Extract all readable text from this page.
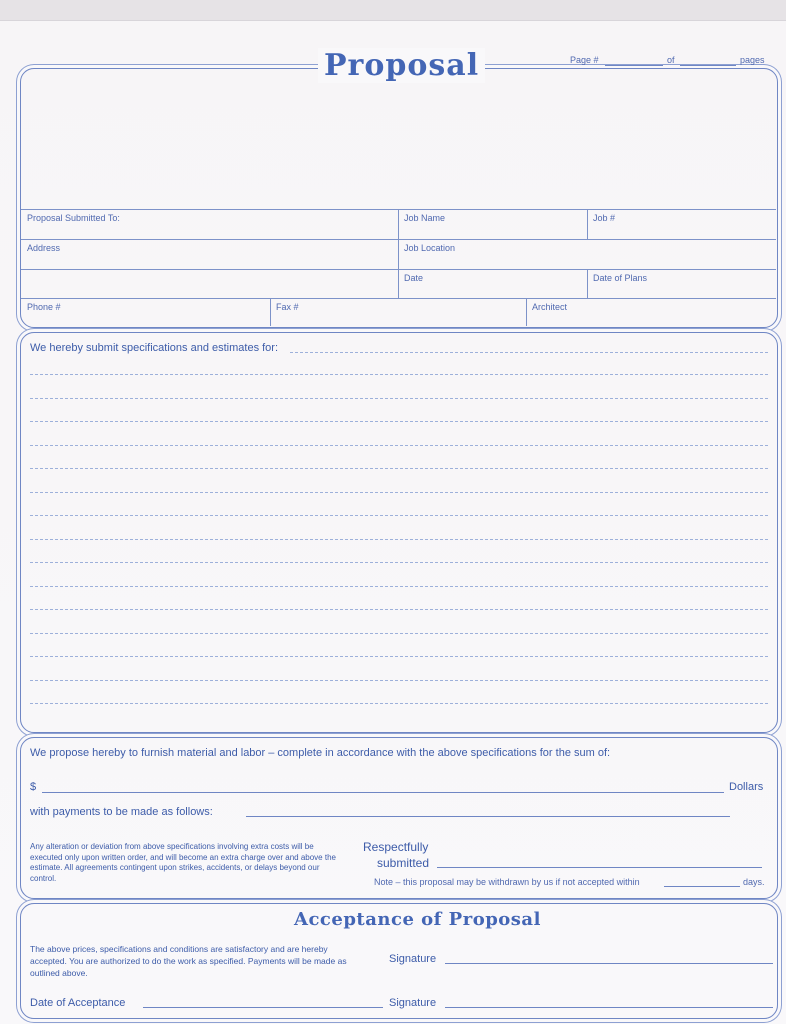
Proposal	Page #	of	pages
Proposal Submitted To:	Job Name	Job #
Address	Job Location
Date	Date of Plans
Phone #	Fax #	Architect
We hereby submit specifications and estimates for:
We propose hereby to furnish material and labor – complete in accordance with the above specifications for the sum of:
$	Dollars
with payments to be made as follows:
Any alteration or deviation from above specifications involving extra costs will be executed only upon written order, and will become an extra charge over and above the estimate. All agreements contingent upon strikes, accidents, or delays beyond our control.
Respectfully
submitted
Note – this proposal may be withdrawn by us if not accepted within	days.
Acceptance of Proposal
The above prices, specifications and conditions are satisfactory and are hereby accepted. You are authorized to do the work as specified. Payments will be made as outlined above.
Signature
Date of Acceptance	Signature
